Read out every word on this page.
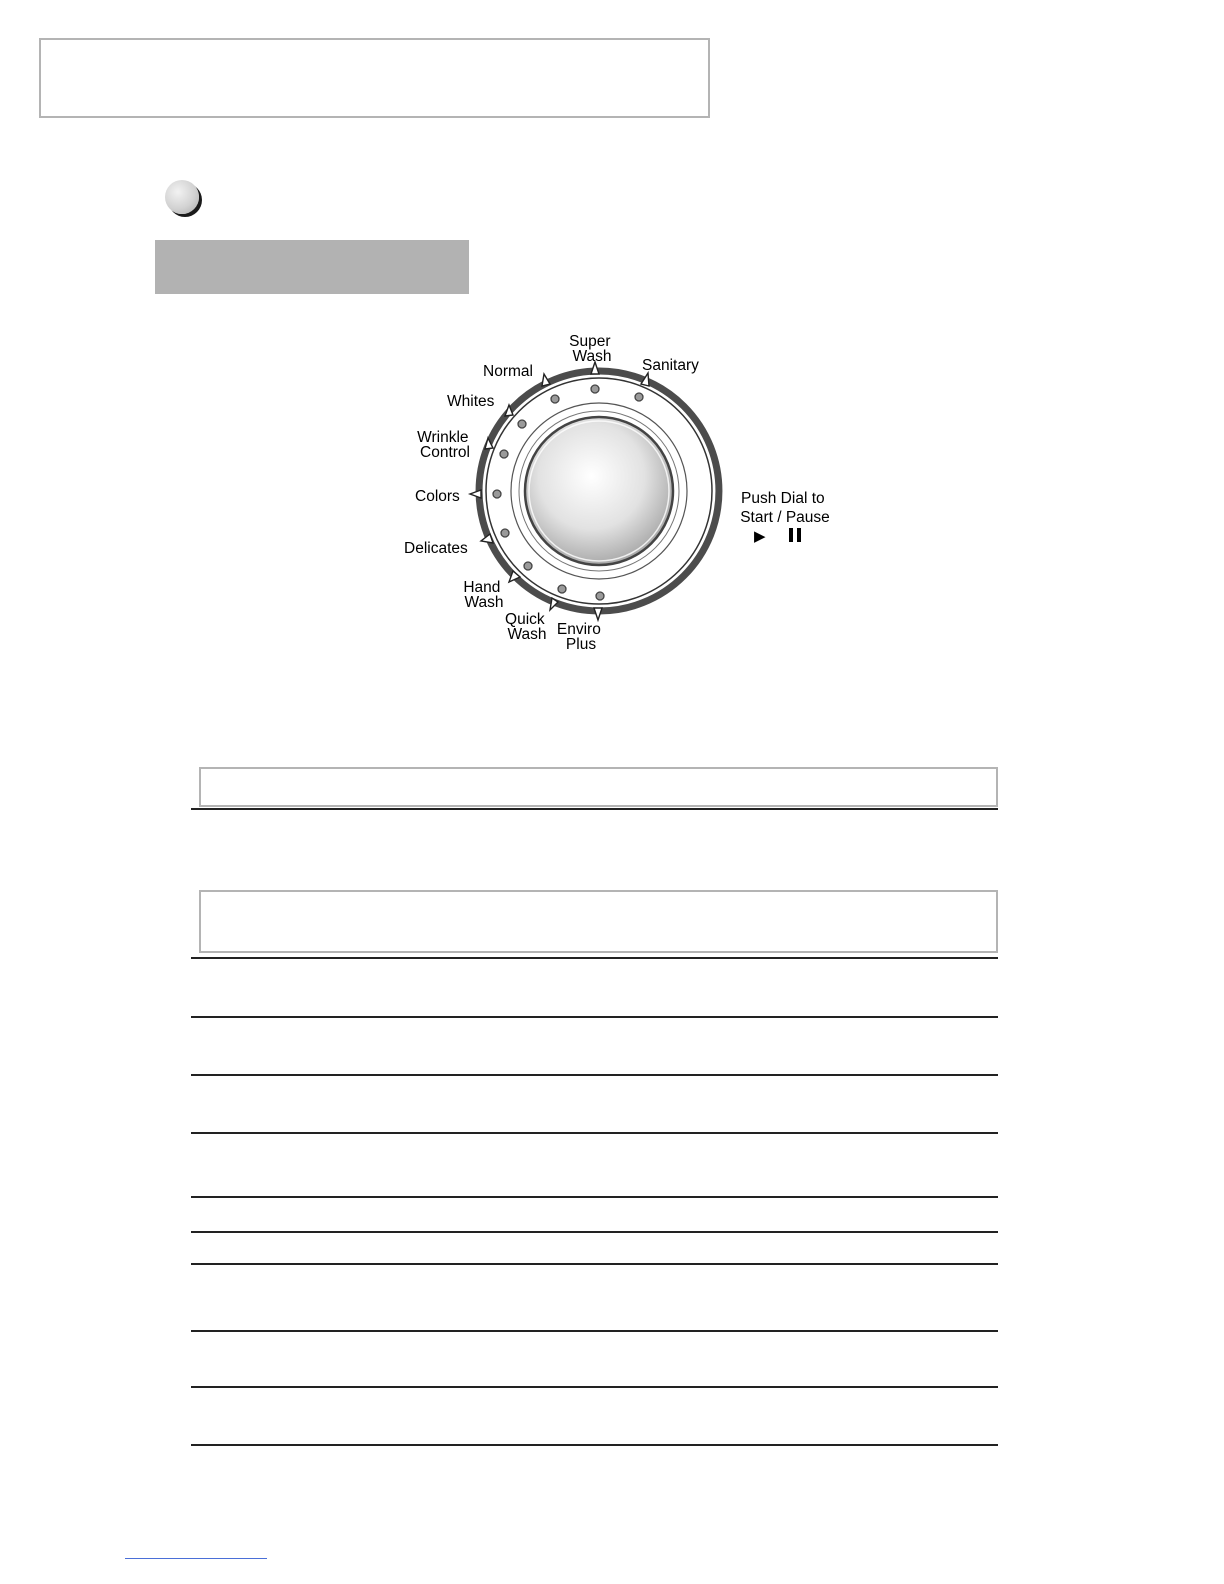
Super Wash
Sanitary
Normal
Whites
Wrinkle Control
Colors
Delicates
Hand Wash
Quick Wash Enviro Plus
Push Dial to Start / Pause
▶
